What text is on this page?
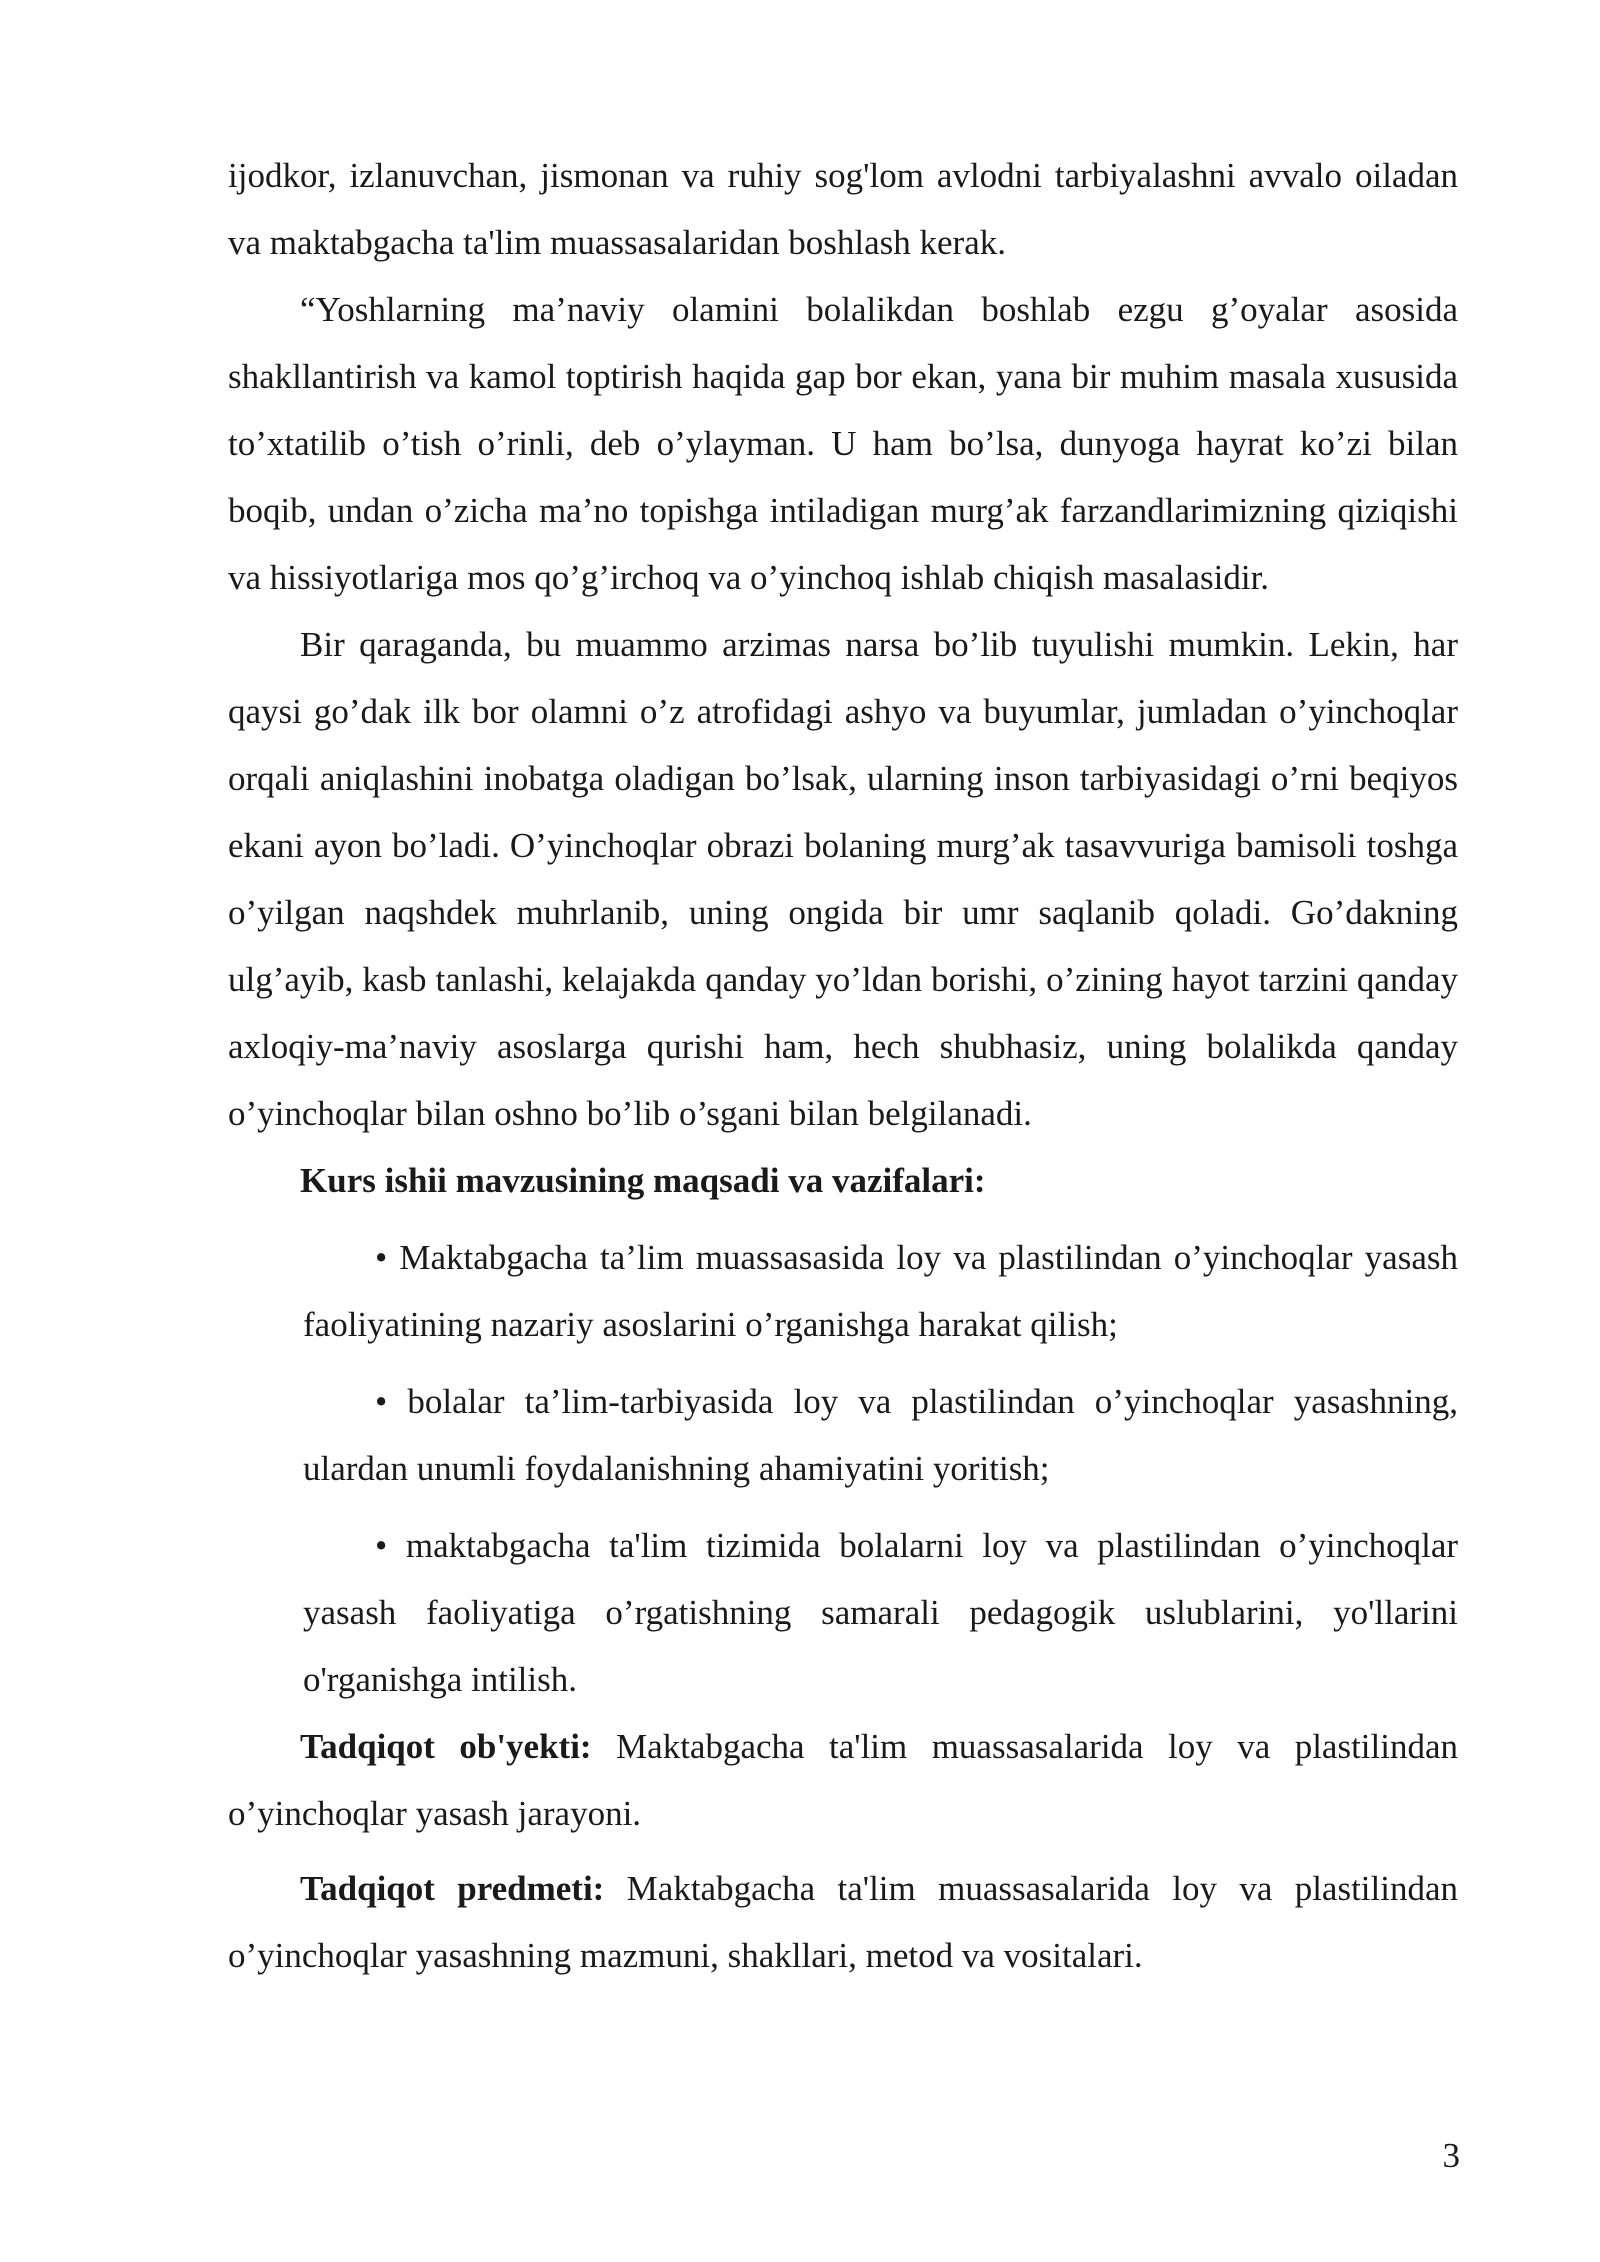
ijodkor, izlanuvchan, jismonan va ruhiy sog'lom avlodni tarbiyalashni avvalo oiladan va maktabgacha ta'lim muassasalaridan boshlash kerak.

“Yoshlarning ma’naviy olamini bolalikdan boshlab ezgu g’oyalar asosida shakllantirish va kamol toptirish haqida gap bor ekan, yana bir muhim masala xususida to’xtatilib o’tish o’rinli, deb o’ylayman. U ham bo’lsa, dunyoga hayrat ko’zi bilan boqib, undan o’zicha ma’no topishga intiladigan murg’ak farzandlarimizning qiziqishi va hissiyotlariga mos qo’g’irchoq va o’yinchoq ishlab chiqish masalasidir.

Bir qaraganda, bu muammo arzimas narsa bo’lib tuyulishi mumkin. Lekin, har qaysi go’dak ilk bor olamni o’z atrofidagi ashyo va buyumlar, jumladan o’yinchoqlar orqali aniqlashini inobatga oladigan bo’lsak, ularning inson tarbiyasidagi o’rni beqiyos ekani ayon bo’ladi. O’yinchoqlar obrazi bolaning murg’ak tasavvuriga bamisoli toshga o’yilgan naqshdek muhrlanib, uning ongida bir umr saqlanib qoladi. Go’dakning ulg’ayib, kasb tanlashi, kelajakda qanday yo’ldan borishi, o’zining hayot tarzini qanday axloqiy-ma’naviy asoslarga qurishi ham, hech shubhasiz, uning bolalikda qanday o’yinchoqlar bilan oshno bo’lib o’sgani bilan belgilanadi.

Kurs ishii mavzusining maqsadi va vazifalari:

• Maktabgacha ta’lim muassasasida loy va plastilindan o’yinchoqlar yasash faoliyatining nazariy asoslarini o’rganishga harakat qilish;

• bolalar ta’lim-tarbiyasida loy va plastilindan o’yinchoqlar yasashning, ulardan unumli foydalanishning ahamiyatini yoritish;

• maktabgacha ta'lim tizimida bolalarni loy va plastilindan o’yinchoqlar yasash faoliyatiga o’rgatishning samarali pedagogik uslublarini, yo'llarini o'rganishga intilish.

Tadqiqot ob'yekti: Maktabgacha ta'lim muassasalarida loy va plastilindan o’yinchoqlar yasash jarayoni.

Tadqiqot predmeti: Maktabgacha ta'lim muassasalarida loy va plastilindan o’yinchoqlar yasashning mazmuni, shakllari, metod va vositalari.

3
